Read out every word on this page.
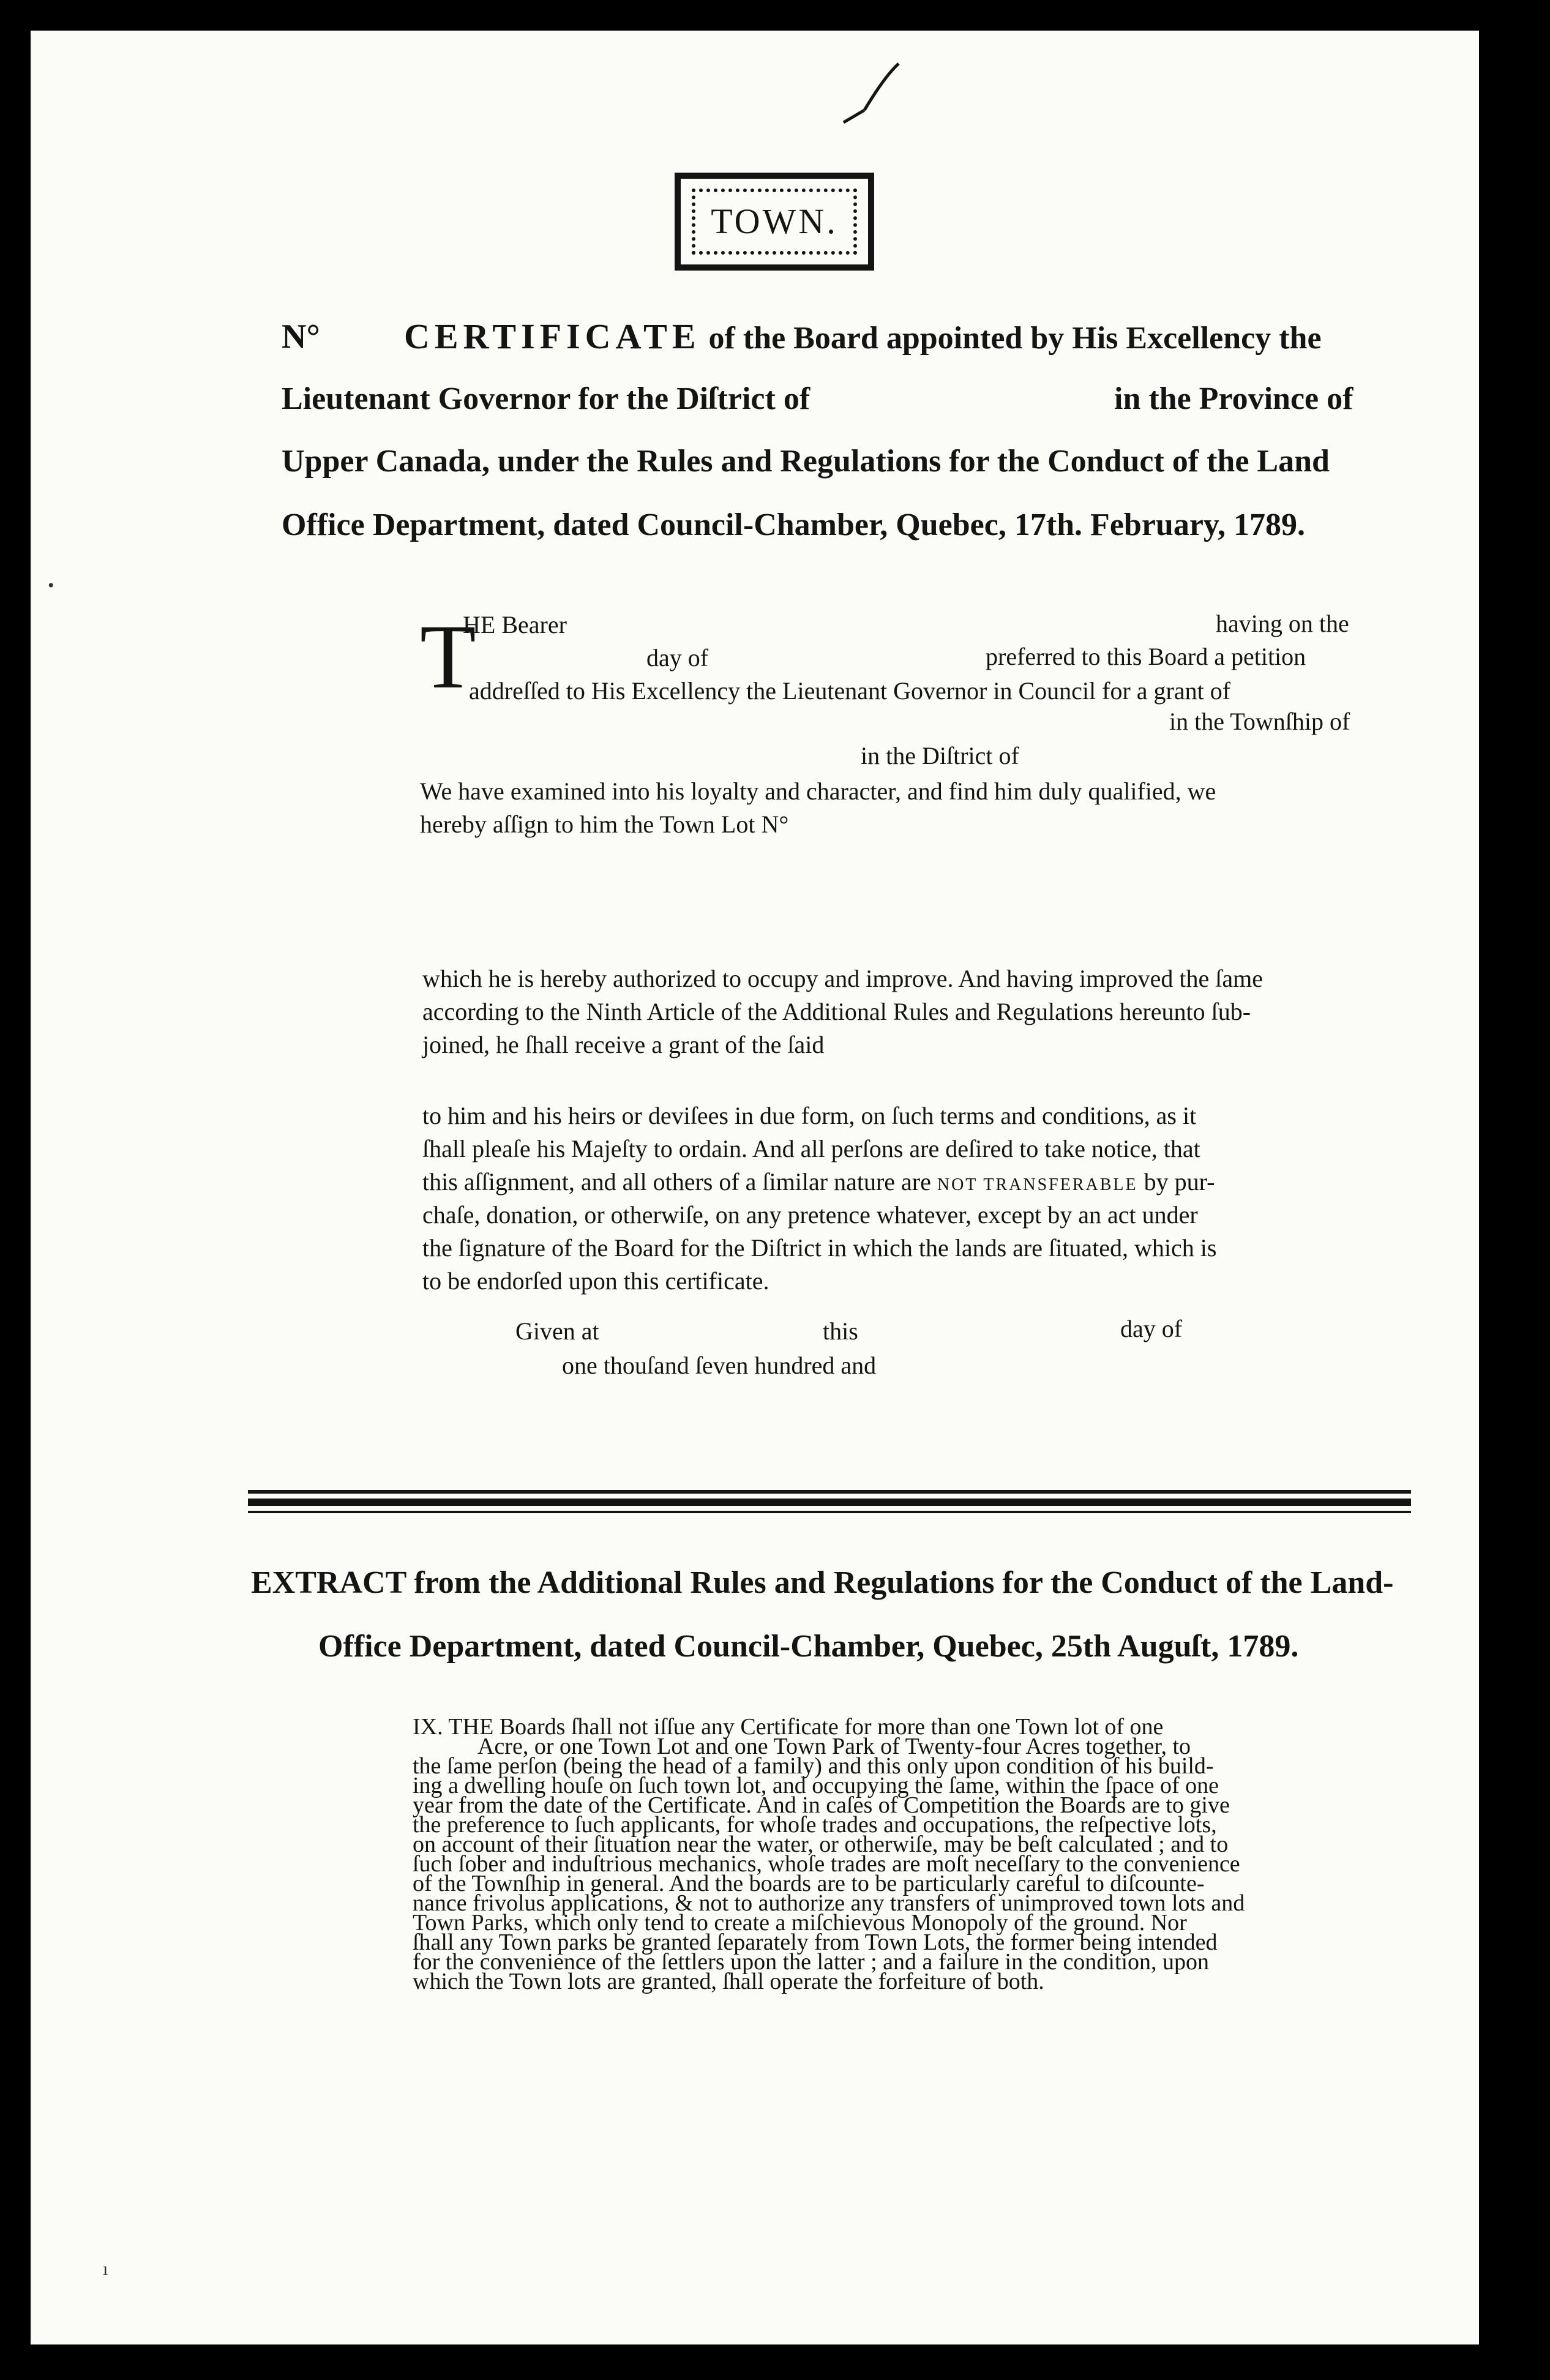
TOWN.
N° CERTIFICATE of the Board appointed by His Excellency the
Lieutenant Governor for the Diſtrict of	in the Province of
Upper Canada, under the Rules and Regulations for the Conduct of the Land
Office Department, dated Council-Chamber, Quebec, 17th. February, 1789.
T
HE Bearer	having on the
day of	preferred to this Board a petition
addreſſed to His Excellency the Lieutenant Governor in Council for a grant of
in the Townſhip of
in the Diſtrict of
We have examined into his loyalty and character, and find him duly qualified, we
hereby aſſign to him the Town Lot N°
which he is hereby authorized to occupy and improve. And having improved the ſame
according to the Ninth Article of the Additional Rules and Regulations hereunto ſub-
joined, he ſhall receive a grant of the ſaid
to him and his heirs or deviſees in due form, on ſuch terms and conditions, as it
ſhall pleaſe his Majeſty to ordain. And all perſons are deſired to take notice, that
this aſſignment, and all others of a ſimilar nature are NOT TRANSFERABLE by pur-
chaſe, donation, or otherwiſe, on any pretence whatever, except by an act under
the ſignature of the Board for the Diſtrict in which the lands are ſituated, which is
to be endorſed upon this certificate.
Given at	this	day of
one thouſand ſeven hundred and
EXTRACT from the Additional Rules and Regulations for the Conduct of the Land-
Office Department, dated Council-Chamber, Quebec, 25th Auguſt, 1789.
IX. THE Boards ſhall not iſſue any Certificate for more than one Town lot of one
Acre, or one Town Lot and one Town Park of Twenty-four Acres together, to
the ſame perſon (being the head of a family) and this only upon condition of his build-
ing a dwelling houſe on ſuch town lot, and occupying the ſame, within the ſpace of one
year from the date of the Certificate. And in caſes of Competition the Boards are to give
the preference to ſuch applicants, for whoſe trades and occupations, the reſpective lots,
on account of their ſituation near the water, or otherwiſe, may be beſt calculated ; and to
ſuch ſober and induſtrious mechanics, whoſe trades are moſt neceſſary to the convenience
of the Townſhip in general. And the boards are to be particularly careful to diſcounte-
nance frivolus applications, & not to authorize any transfers of unimproved town lots and
Town Parks, which only tend to create a miſchievous Monopoly of the ground. Nor
ſhall any Town parks be granted ſeparately from Town Lots, the former being intended
for the convenience of the ſettlers upon the latter ; and a failure in the condition, upon
which the Town lots are granted, ſhall operate the forfeiture of both.
•
ı
